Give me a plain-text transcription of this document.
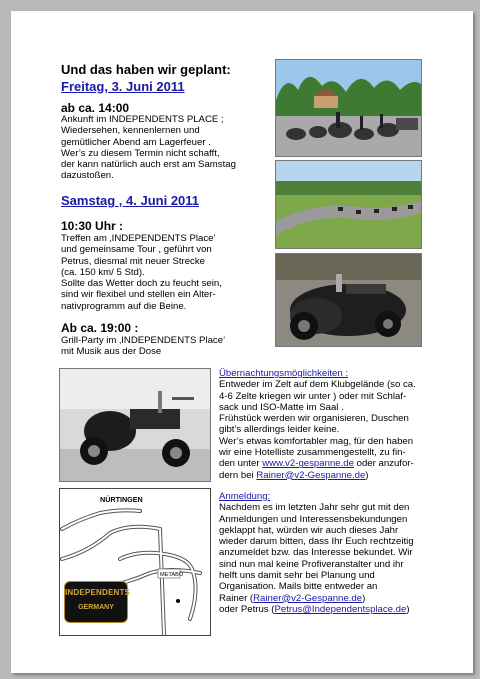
Und das haben wir geplant:
Freitag, 3. Juni 2011
ab ca. 14:00

Ankunft im INDEPENDENTS PLACE ;

Wiedersehen, kennenlernen und

gemütlicher Abend am Lagerfeuer .

Wer’s zu diesem Termin nicht schafft,

der kann natürlich auch erst am Samstag

dazustoßen.

Samstag , 4. Juni 2011
10:30 Uhr :

Treffen am ‚INDEPENDENTS Place’

und gemeinsame Tour , geführt von

Petrus, diesmal mit neuer Strecke

(ca. 150 km/ 5 Std).

Sollte das Wetter doch zu feucht sein,

sind wir flexibel und stellen ein Alter-

nativprogramm auf die Beine.

Ab ca. 19:00 :

Grill-Party im ‚INDEPENDENTS Place’

mit Musik aus der Dose

Übernachtungsmöglichkeiten :

Entweder im Zelt auf dem Klubgelände (so ca.

4-6 Zelte kriegen wir unter ) oder mit Schlaf-

sack und ISO-Matte im Saal .

Frühstück werden wir organisieren, Duschen

gibt’s allerdings leider keine.

Wer’s etwas komfortabler mag, für den haben

wir eine Hotelliste zusammengestellt, zu fin-

den unter www.v2-gespanne.de oder anzufor-

dern bei Rainer@v2-Gespanne.de)

Anmeldung:

Nachdem es im letzten Jahr sehr gut mit den

Anmeldungen und Interessensbekundungen

geklappt hat, würden wir auch dieses Jahr

wieder darum bitten, dass Ihr Euch rechtzeitig

anzumeldet bzw. das Interesse bekundet. Wir

sind nun mal keine Profiveranstalter und ihr

helft uns damit sehr bei Planung und

Organisation. Mails bitte entweder an

Rainer (Rainer@v2-Gespanne.de)

oder Petrus (Petrus@Independentsplace.de)

METABO
NÜRTINGEN
INDEPENDENTS
GERMANY
